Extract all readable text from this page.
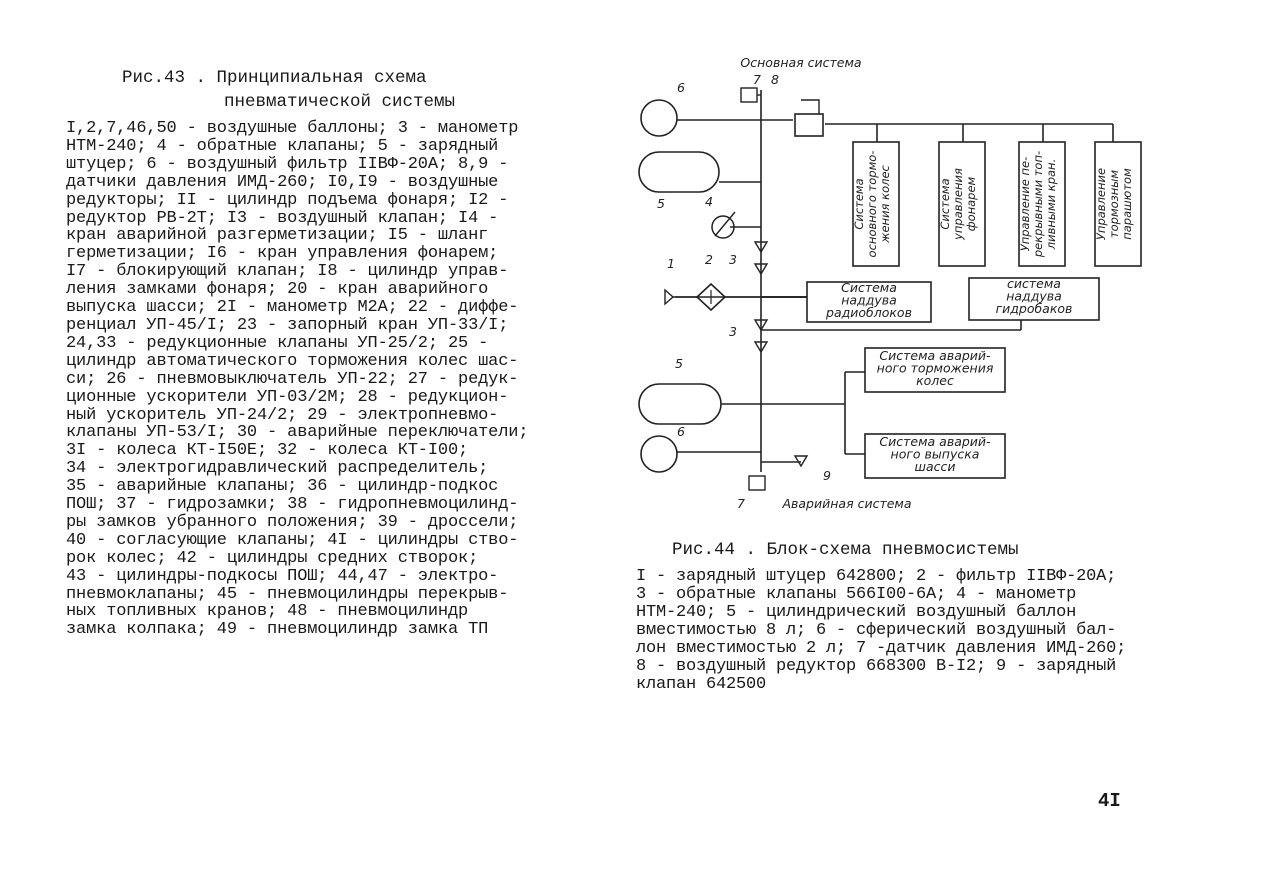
Рис.43 . Принципиальная схема
пневматической системы
I,2,7,46,50 - воздушные баллоны; 3 - манометр
НТМ-240; 4 - обратные клапаны; 5 - зарядный
штуцер; 6 - воздушный фильтр IIВФ-20А; 8,9 -
датчики давления ИМД-260; I0,I9 - воздушные
редукторы; II - цилиндр подъема фонаря; I2 -
редуктор РВ-2Т; I3 - воздушный клапан; I4 -
кран аварийной разгерметизации; I5 - шланг
герметизации; I6 - кран управления фонарем;
I7 - блокирующий клапан; I8 - цилиндр управ-
ления замками фонаря; 20 - кран аварийного
выпуска шасси; 2I - манометр М2А; 22 - диффе-
ренциал УП-45/I; 23 - запорный кран УП-33/I;
24,33 - редукционные клапаны УП-25/2; 25 -
цилиндр автоматического торможения колес шас-
си; 26 - пневмовыключатель УП-22; 27 - редук-
ционные ускорители УП-03/2М; 28 - редукцион-
ный ускоритель УП-24/2; 29 - электропневмо-
клапаны УП-53/I; 30 - аварийные переключатели;
3I - колеса КТ-I50Е; 32 - колеса КТ-I00;
34 - электрогидравлический распределитель;
35 - аварийные клапаны; 36 - цилиндр-подкос
ПОШ; 37 - гидрозамки; 38 - гидропневмоцилинд-
ры замков убранного положения; 39 - дроссели;
40 - согласующие клапаны; 4I - цилиндры ство-
рок колес; 42 - цилиндры средних створок;
43 - цилиндры-подкосы ПОШ; 44,47 - электро-
пневмоклапаны; 45 - пневмоцилиндры перекрыв-
ных топливных кранов; 48 - пневмоцилиндр
замка колпака; 49 - пневмоцилиндр замка ТП
Система основного тормо- жения колес	Система управления фонарем	Управление пе- рекрывными топ- ливными кран.	Управление тормозным парашютом
Система
наддува
радиоблоков
система
наддува
гидробаков
Система аварий-
ного торможения
колес
Система аварий-
ного выпуска
шасси
Основная система
Аварийная система
6
7 8
5	4
3
1 2
3
5
6
9
7
Рис.44 . Блок-схема пневмосистемы
I - зарядный штуцер 642800; 2 - фильтр IIВФ-20А;
3 - обратные клапаны 566I00-6А; 4 - манометр
НТМ-240; 5 - цилиндрический воздушный баллон
вместимостью 8 л; 6 - сферический воздушный бал-
лон вместимостью 2 л; 7 -датчик давления ИМД-260;
8 - воздушный редуктор 668300 В-I2; 9 - зарядный
клапан 642500
4I
